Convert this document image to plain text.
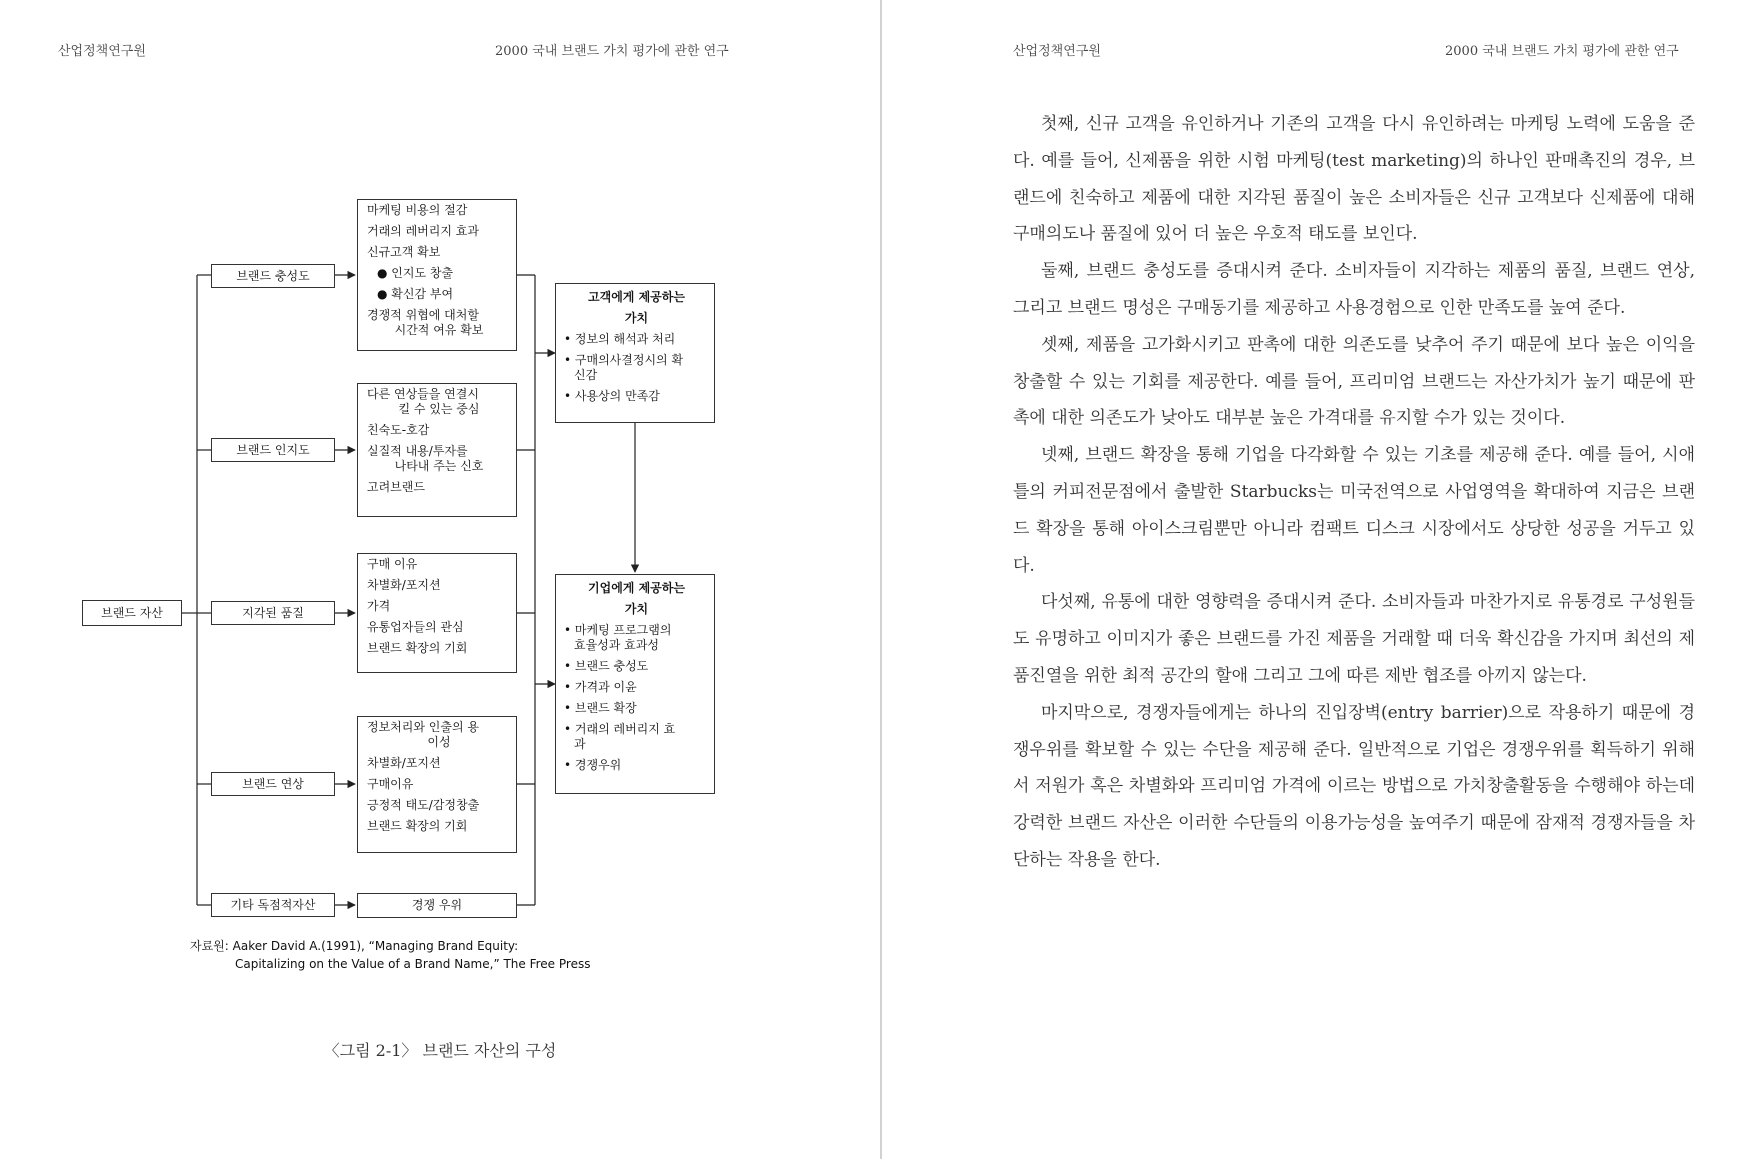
산업정책연구원	2000 국내 브랜드 가치 평가에 관한 연구
브랜드 자산
브랜드 충성도
브랜드 인지도
지각된 품질
브랜드 연상
기타 독점적자산
마케팅 비용의 절감
거래의 레버리지 효과
신규고객 확보
● 인지도 창출
● 확신감 부여
경쟁적 위협에 대처할
시간적 여유 확보
다른 연상들을 연결시
킬 수 있는 중심
친숙도-호감
실질적 내용/투자를
나타내 주는 신호
고려브랜드
구매 이유
차별화/포지션
가격
유통업자들의 관심
브랜드 확장의 기회
정보처리와 인출의 용
이성
차별화/포지션
구매이유
긍정적 태도/감정창출
브랜드 확장의 기회
경쟁 우위
고객에게 제공하는
가치
• 정보의 해석과 처리
• 구매의사결정시의 확
신감
• 사용상의 만족감
기업에게 제공하는
가치
• 마케팅 프로그램의
효율성과 효과성
• 브랜드 충성도
• 가격과 이윤
• 브랜드 확장
• 거래의 레버리지 효
과
• 경쟁우위
자료원: Aaker David A.(1991), “Managing Brand Equity:
Capitalizing on the Value of a Brand Name,” The Free Press
〈그림 2-1〉 브랜드 자산의 구성
산업정책연구원	2000 국내 브랜드 가치 평가에 관한 연구

첫째, 신규 고객을 유인하거나 기존의 고객을 다시 유인하려는 마케팅 노력에 도움을 준다. 예를 들어, 신제품을 위한 시험 마케팅(test marketing)의 하나인 판매촉진의 경우, 브랜드에 친숙하고 제품에 대한 지각된 품질이 높은 소비자들은 신규 고객보다 신제품에 대해 구매의도나 품질에 있어 더 높은 우호적 태도를 보인다.

둘째, 브랜드 충성도를 증대시켜 준다. 소비자들이 지각하는 제품의 품질, 브랜드 연상, 그리고 브랜드 명성은 구매동기를 제공하고 사용경험으로 인한 만족도를 높여 준다.

셋째, 제품을 고가화시키고 판촉에 대한 의존도를 낮추어 주기 때문에 보다 높은 이익을 창출할 수 있는 기회를 제공한다. 예를 들어, 프리미엄 브랜드는 자산가치가 높기 때문에 판촉에 대한 의존도가 낮아도 대부분 높은 가격대를 유지할 수가 있는 것이다.

넷째, 브랜드 확장을 통해 기업을 다각화할 수 있는 기초를 제공해 준다. 예를 들어, 시애틀의 커피전문점에서 출발한 Starbucks는 미국전역으로 사업영역을 확대하여 지금은 브랜드 확장을 통해 아이스크림뿐만 아니라 컴팩트 디스크 시장에서도 상당한 성공을 거두고 있다.

다섯째, 유통에 대한 영향력을 증대시켜 준다. 소비자들과 마찬가지로 유통경로 구성원들도 유명하고 이미지가 좋은 브랜드를 가진 제품을 거래할 때 더욱 확신감을 가지며 최선의 제품진열을 위한 최적 공간의 할애 그리고 그에 따른 제반 협조를 아끼지 않는다.

마지막으로, 경쟁자들에게는 하나의 진입장벽(entry barrier)으로 작용하기 때문에 경쟁우위를 확보할 수 있는 수단을 제공해 준다. 일반적으로 기업은 경쟁우위를 획득하기 위해서 저원가 혹은 차별화와 프리미엄 가격에 이르는 방법으로 가치창출활동을 수행해야 하는데 강력한 브랜드 자산은 이러한 수단들의 이용가능성을 높여주기 때문에 잠재적 경쟁자들을 차단하는 작용을 한다.
